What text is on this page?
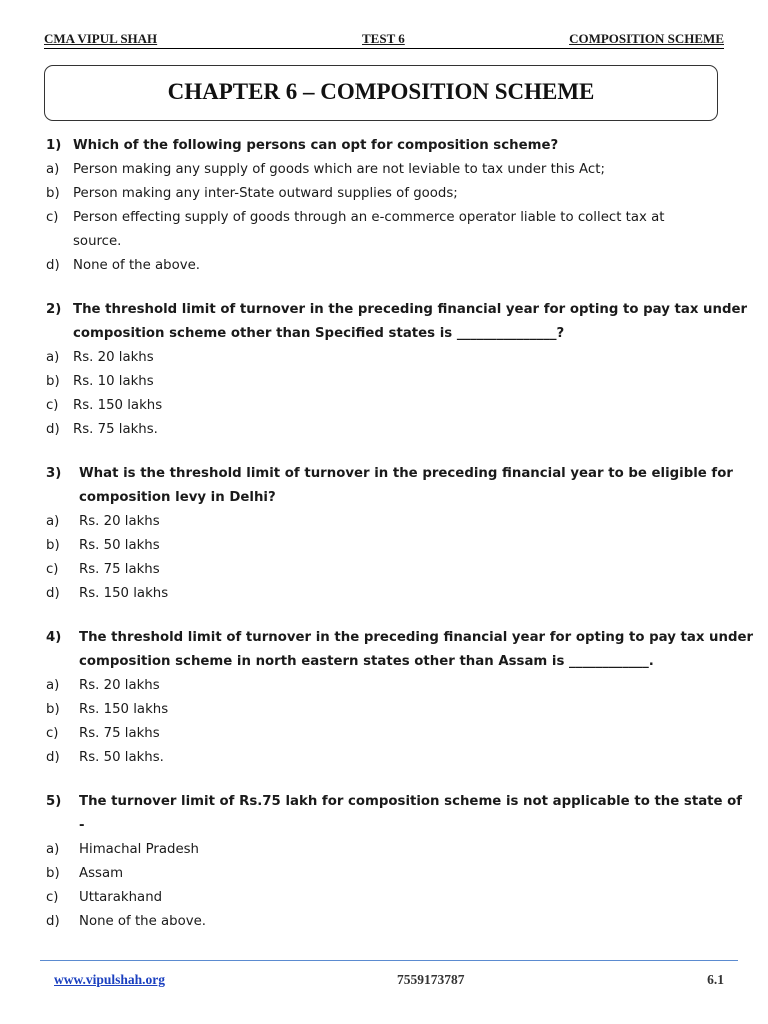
CMA VIPUL SHAH	TEST 6	COMPOSITION SCHEME
CHAPTER 6 – COMPOSITION SCHEME
1) Which of the following persons can opt for composition scheme?
a) Person making any supply of goods which are not leviable to tax under this Act;
b) Person making any inter-State outward supplies of goods;
c) Person effecting supply of goods through an e-commerce operator liable to collect tax at
source.
d) None of the above.
2) The threshold limit of turnover in the preceding financial year for opting to pay tax under
composition scheme other than Specified states is _______________?
a) Rs. 20 lakhs
b) Rs. 10 lakhs
c) Rs. 150 lakhs
d) Rs. 75 lakhs.
3) What is the threshold limit of turnover in the preceding financial year to be eligible for
composition levy in Delhi?
a) Rs. 20 lakhs
b) Rs. 50 lakhs
c) Rs. 75 lakhs
d) Rs. 150 lakhs
4) The threshold limit of turnover in the preceding financial year for opting to pay tax under
composition scheme in north eastern states other than Assam is ____________.
a) Rs. 20 lakhs
b) Rs. 150 lakhs
c) Rs. 75 lakhs
d) Rs. 50 lakhs.
5) The turnover limit of Rs.75 lakh for composition scheme is not applicable to the state of
-
a) Himachal Pradesh
b) Assam
c) Uttarakhand
d) None of the above.
www.vipulshah.org	7559173787	6.1
